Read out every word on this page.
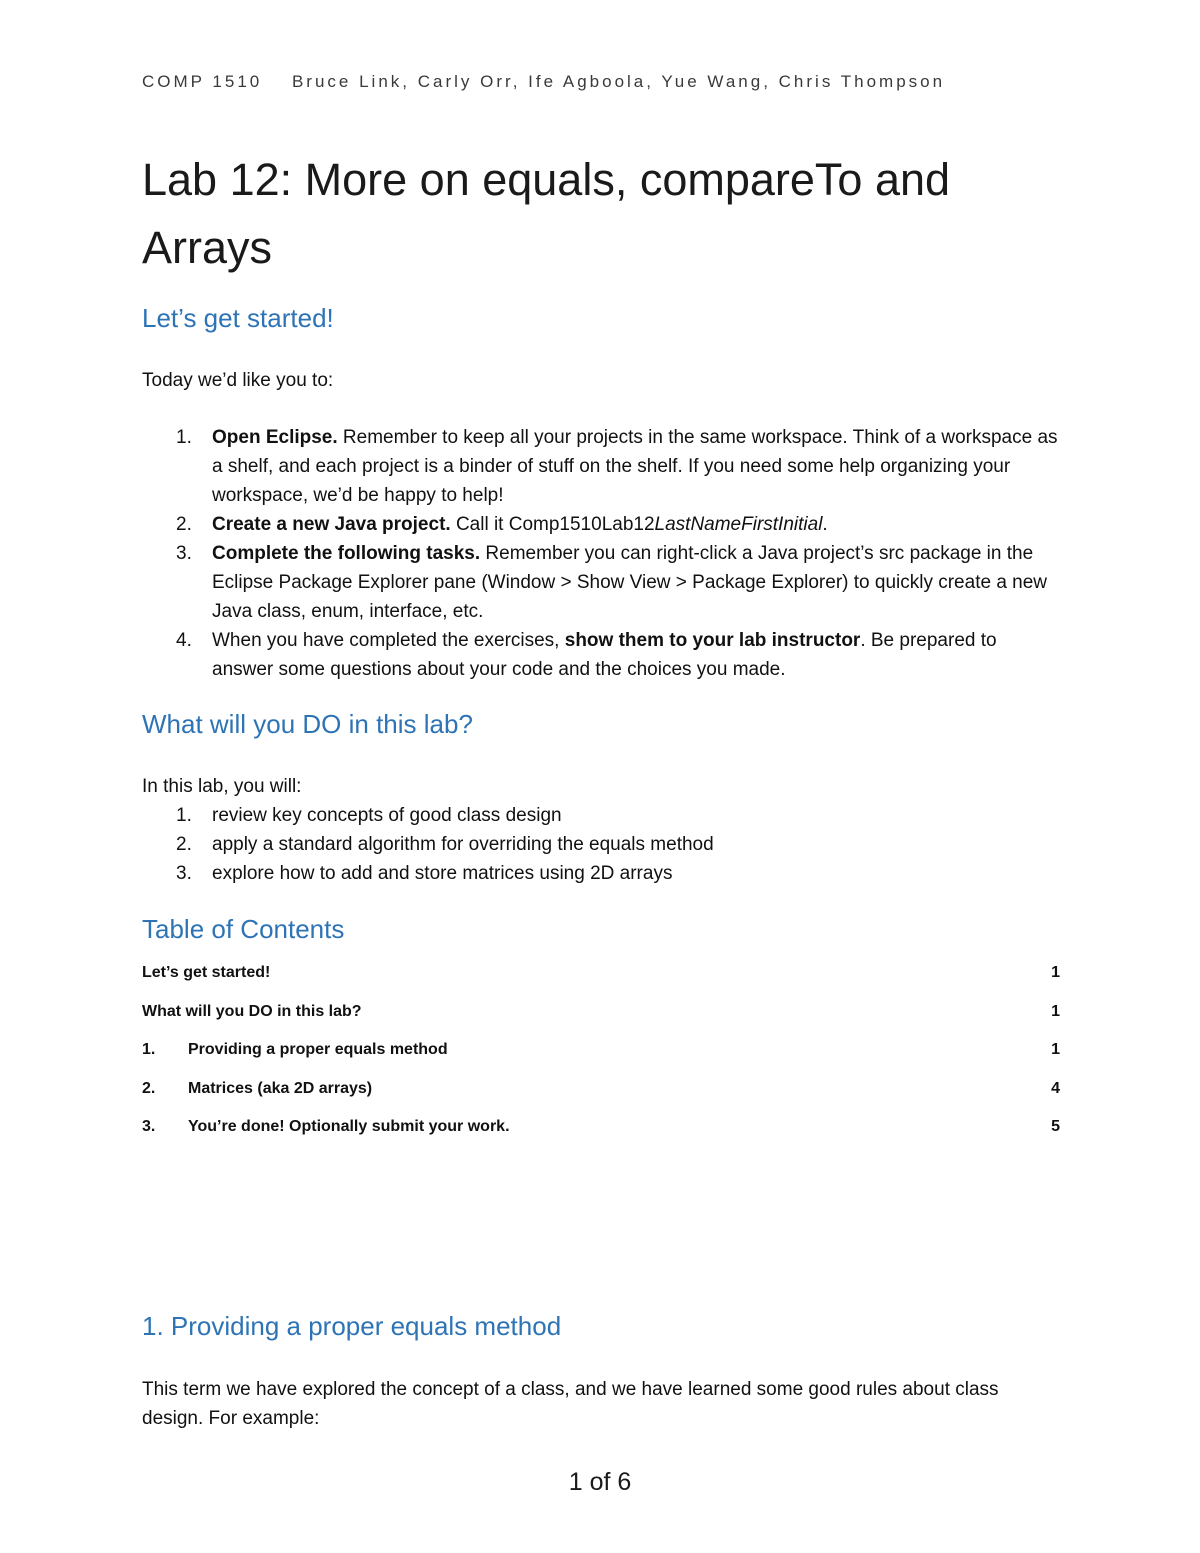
COMP 1510 Bruce Link, Carly Orr, Ife Agboola, Yue Wang, Chris Thompson
Lab 12: More on equals, compareTo and Arrays
Let’s get started!

Today we’d like you to:

1. Open Eclipse. Remember to keep all your projects in the same workspace. Think of a workspace as a shelf, and each project is a binder of stuff on the shelf. If you need some help organizing your workspace, we’d be happy to help!
2. Create a new Java project. Call it Comp1510Lab12LastNameFirstInitial.
3. Complete the following tasks. Remember you can right-click a Java project’s src package in the Eclipse Package Explorer pane (Window > Show View > Package Explorer) to quickly create a new Java class, enum, interface, etc.
4. When you have completed the exercises, show them to your lab instructor. Be prepared to answer some questions about your code and the choices you made.
What will you DO in this lab?

In this lab, you will:

1. review key concepts of good class design
2. apply a standard algorithm for overriding the equals method
3. explore how to add and store matrices using 2D arrays
Table of Contents
Let’s get started!	1
What will you DO in this lab?	1
1. Providing a proper equals method	1
2. Matrices (aka 2D arrays)	4
3. You’re done! Optionally submit your work.	5
1. Providing a proper equals method

This term we have explored the concept of a class, and we have learned some good rules about class design. For example:

1 of 6
